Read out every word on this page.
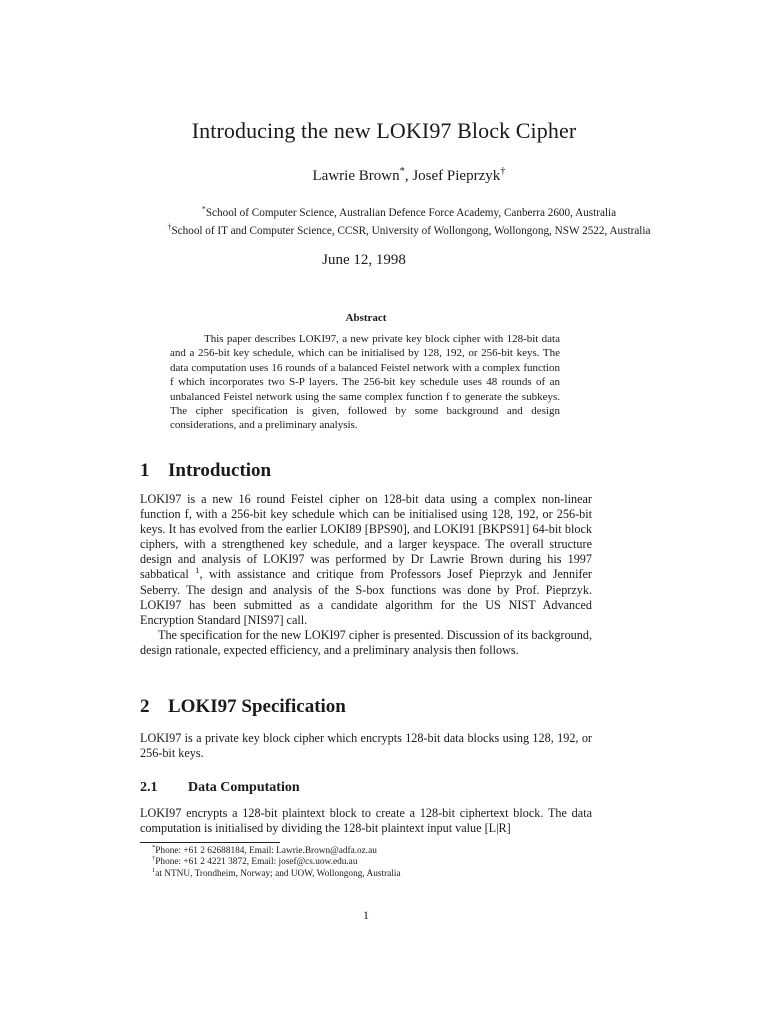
Introducing the new LOKI97 Block Cipher
Lawrie Brown*, Josef Pieprzyk†
*School of Computer Science, Australian Defence Force Academy, Canberra 2600, Australia
†School of IT and Computer Science, CCSR, University of Wollongong, Wollongong, NSW 2522, Australia
June 12, 1998
Abstract
This paper describes LOKI97, a new private key block cipher with 128-bit data and a 256-bit key schedule, which can be initialised by 128, 192, or 256-bit keys. The data computation uses 16 rounds of a balanced Feistel network with a complex function f which incorporates two S-P layers. The 256-bit key schedule uses 48 rounds of an unbalanced Feistel network using the same complex function f to generate the subkeys. The cipher specification is given, followed by some background and design considerations, and a preliminary analysis.
1 Introduction

LOKI97 is a new 16 round Feistel cipher on 128-bit data using a complex non-linear function f, with a 256-bit key schedule which can be initialised using 128, 192, or 256-bit keys. It has evolved from the earlier LOKI89 [BPS90], and LOKI91 [BKPS91] 64-bit block ciphers, with a strengthened key schedule, and a larger keyspace. The overall structure design and analysis of LOKI97 was performed by Dr Lawrie Brown during his 1997 sabbatical $^1$, with assistance and critique from Professors Josef Pieprzyk and Jennifer Seberry. The design and analysis of the S-box functions was done by Prof. Pieprzyk. LOKI97 has been submitted as a candidate algorithm for the US NIST Advanced Encryption Standard [NIS97] call.

The specification for the new LOKI97 cipher is presented. Discussion of its background, design rationale, expected efficiency, and a preliminary analysis then follows.

2 LOKI97 Specification

LOKI97 is a private key block cipher which encrypts 128-bit data blocks using 128, 192, or 256-bit keys.

2.1 Data Computation

LOKI97 encrypts a 128-bit plaintext block to create a 128-bit ciphertext block. The data computation is initialised by dividing the 128-bit plaintext input value [L|R]

*Phone: +61 2 62688184, Email: Lawrie.Brown@adfa.oz.au
†Phone: +61 2 4221 3872, Email: josef@cs.uow.edu.au
$^1$at NTNU, Trondheim, Norway; and UOW, Wollongong, Australia
1
